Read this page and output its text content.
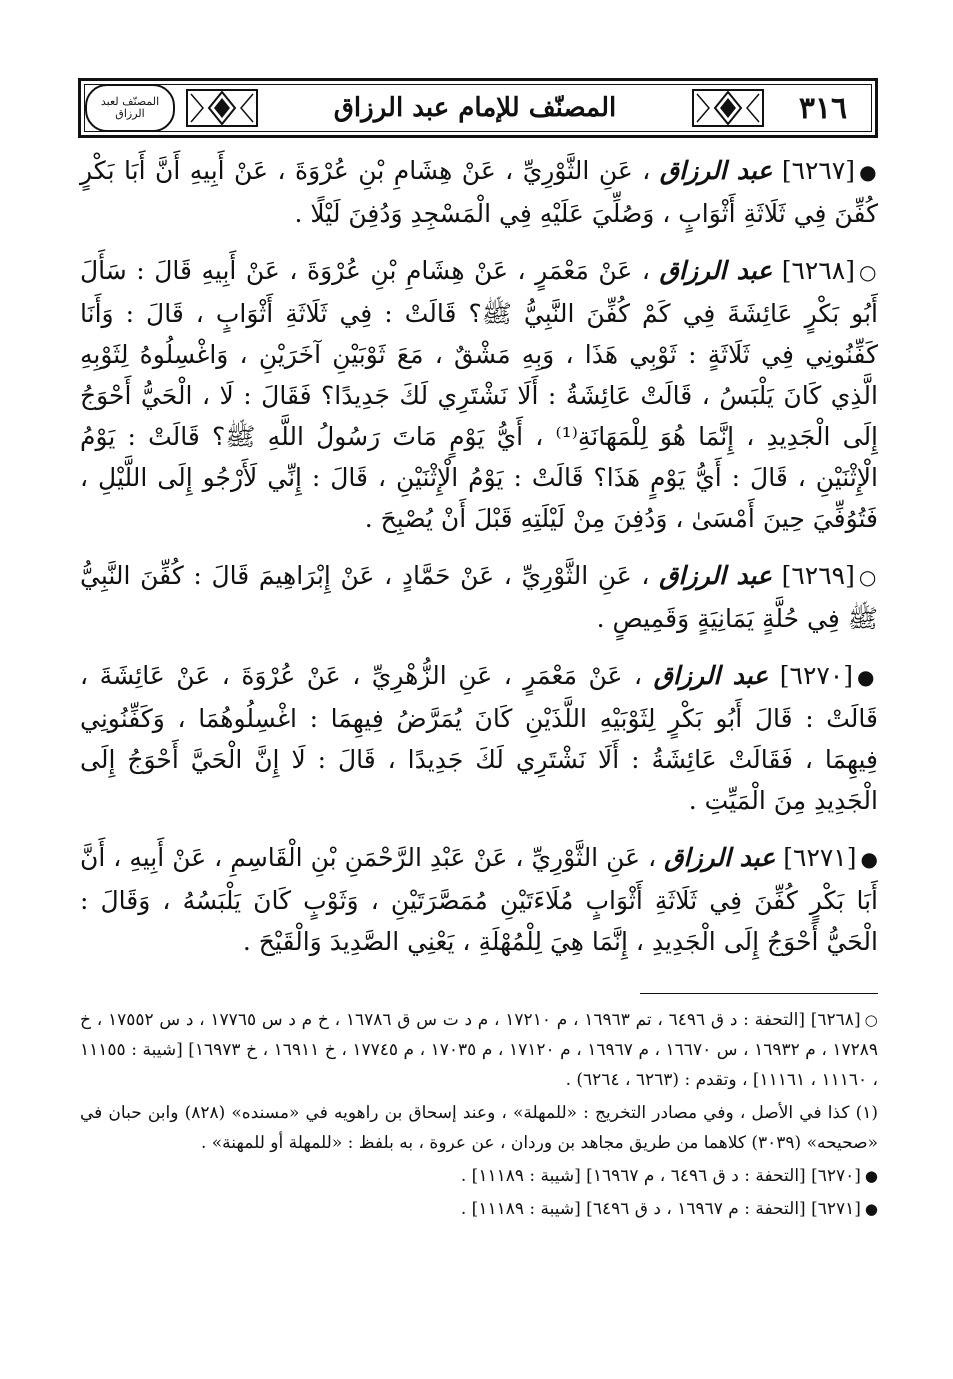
٣١٦
المصنّف للإمام عبد الرزاق
المصنّف لعبد الرزاق

●[٦٢٦٧] عبد الرزاق ، عَنِ الثَّوْرِيِّ ، عَنْ هِشَامِ بْنِ عُرْوَةَ ، عَنْ أَبِيهِ أَنَّ أَبَا بَكْرٍ كُفِّنَ فِي ثَلَاثَةِ أَثْوَابٍ ، وَصُلِّيَ عَلَيْهِ فِي الْمَسْجِدِ وَدُفِنَ لَيْلًا .

○[٦٢٦٨] عبد الرزاق ، عَنْ مَعْمَرٍ ، عَنْ هِشَامِ بْنِ عُرْوَةَ ، عَنْ أَبِيهِ قَالَ : سَأَلَ أَبُو بَكْرٍ عَائِشَةَ فِي كَمْ كُفِّنَ النَّبِيُّ ﷺ؟ قَالَتْ : فِي ثَلَاثَةِ أَثْوَابٍ ، قَالَ : وَأَنَا كَفِّنُونِي فِي ثَلَاثَةٍ : ثَوْبِي هَذَا ، وَبِهِ مَشْقٌ ، مَعَ ثَوْبَيْنِ آخَرَيْنِ ، وَاغْسِلُوهُ لِثَوْبِهِ الَّذِي كَانَ يَلْبَسُ ، قَالَتْ عَائِشَةُ : أَلَا نَشْتَرِي لَكَ جَدِيدًا؟ فَقَالَ : لَا ، الْحَيُّ أَحْوَجُ إِلَى الْجَدِيدِ ، إِنَّمَا هُوَ لِلْمَهَانَةِ⁽¹⁾ ، أَيُّ يَوْمٍ مَاتَ رَسُولُ اللَّهِ ﷺ؟ قَالَتْ : يَوْمُ الْإِثْنَيْنِ ، قَالَ : أَيُّ يَوْمٍ هَذَا؟ قَالَتْ : يَوْمُ الْإِثْنَيْنِ ، قَالَ : إِنِّي لَأَرْجُو إِلَى اللَّيْلِ ، فَتُوُفِّيَ حِينَ أَمْسَىٰ ، وَدُفِنَ مِنْ لَيْلَتِهِ قَبْلَ أَنْ يُصْبِحَ .

○[٦٢٦٩] عبد الرزاق ، عَنِ الثَّوْرِيِّ ، عَنْ حَمَّادٍ ، عَنْ إِبْرَاهِيمَ قَالَ : كُفِّنَ النَّبِيُّ ﷺ فِي حُلَّةٍ يَمَانِيَةٍ وَقَمِيصٍ .

●[٦٢٧٠] عبد الرزاق ، عَنْ مَعْمَرٍ ، عَنِ الزُّهْرِيِّ ، عَنْ عُرْوَةَ ، عَنْ عَائِشَةَ ، قَالَتْ : قَالَ أَبُو بَكْرٍ لِثَوْبَيْهِ اللَّذَيْنِ كَانَ يُمَرَّضُ فِيهِمَا : اغْسِلُوهُمَا ، وَكَفِّنُونِي فِيهِمَا ، فَقَالَتْ عَائِشَةُ : أَلَا نَشْتَرِي لَكَ جَدِيدًا ، قَالَ : لَا إِنَّ الْحَيَّ أَحْوَجُ إِلَى الْجَدِيدِ مِنَ الْمَيِّتِ .

●[٦٢٧١] عبد الرزاق ، عَنِ الثَّوْرِيِّ ، عَنْ عَبْدِ الرَّحْمَنِ بْنِ الْقَاسِمِ ، عَنْ أَبِيهِ ، أَنَّ أَبَا بَكْرٍ كُفِّنَ فِي ثَلَاثَةِ أَثْوَابٍ مُلَاءَتَيْنِ مُمَصَّرَتَيْنِ ، وَثَوْبٍ كَانَ يَلْبَسُهُ ، وَقَالَ : الْحَيُّ أَحْوَجُ إِلَى الْجَدِيدِ ، إِنَّمَا هِيَ لِلْمُهْلَةِ ، يَعْنِي الصَّدِيدَ وَالْقَيْحَ .

○[٦٢٦٨] [التحفة : د ق ٦٤٩٦ ، تم ١٦٩٦٣ ، م ١٧٢١٠ ، م د ت س ق ١٦٧٨٦ ، خ م د س ١٧٧٦٥ ، د س ١٧٥٥٢ ، خ ١٧٢٨٩ ، م ١٦٩٣٢ ، س ١٦٦٧٠ ، م ١٦٩٦٧ ، م ١٧١٢٠ ، م ١٧٠٣٥ ، م ١٧٧٤٥ ، خ ١٦٩١١ ، خ ١٦٩٧٣] [شيبة : ١١١٥٥ ، ١١١٦٠ ، ١١١٦١] ، وتقدم : (٦٢٦٣ ، ٦٢٦٤) .

(١) كذا في الأصل ، وفي مصادر التخريج : «للمهلة» ، وعند إسحاق بن راهويه في «مسنده» (٨٢٨) وابن حبان في «صحيحه» (٣٠٣٩) كلاهما من طريق مجاهد بن وردان ، عن عروة ، به بلفظ : «للمهلة أو للمهنة» .

●[٦٢٧٠] [التحفة : د ق ٦٤٩٦ ، م ١٦٩٦٧] [شيبة : ١١١٨٩] .

●[٦٢٧١] [التحفة : م ١٦٩٦٧ ، د ق ٦٤٩٦] [شيبة : ١١١٨٩] .
